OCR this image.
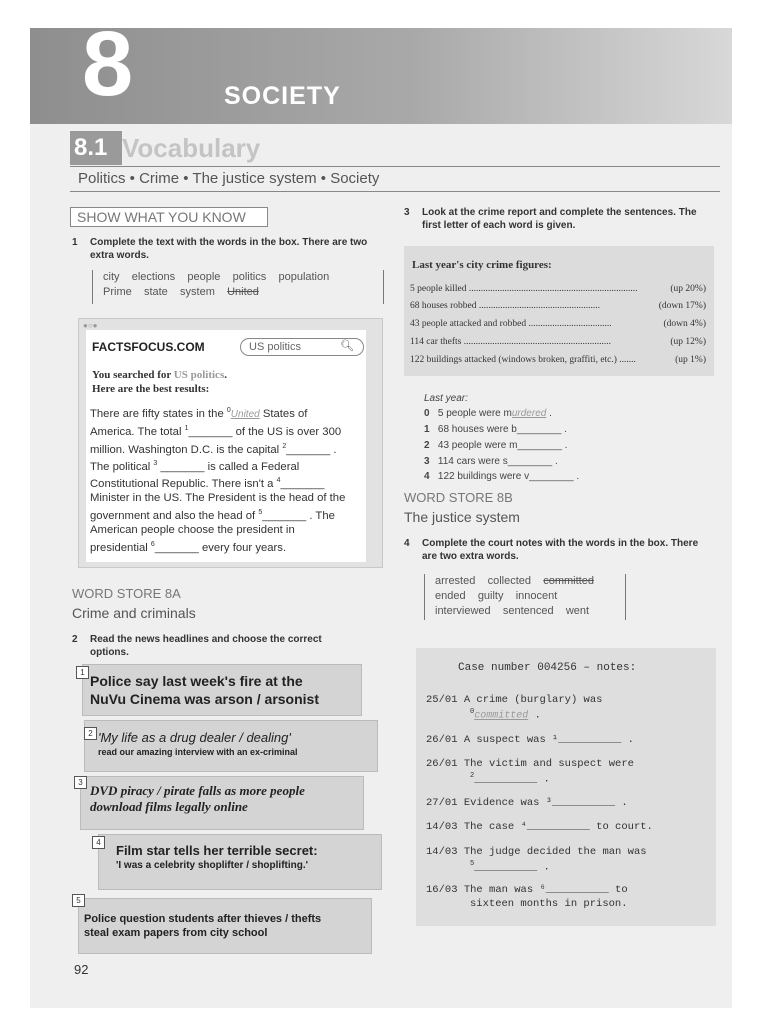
8	SOCIETY
8.1 Vocabulary
Politics • Crime • The justice system • Society
SHOW WHAT YOU KNOW
1 Complete the text with the words in the box. There are two extra words.
city    elections    people    politics    population
Prime    state    system    United
●○●
FACTSFOCUS.COM	US politics	🔍︎
You searched for US politics.
Here are the best results:
There are fifty states in the $^0$United States of America. The total $^1$_______ of the US is over 300 million. Washington D.C. is the capital $^2$_______ . The political $^3$ _______ is called a Federal Constitutional Republic. There isn't a $^4$_______ Minister in the US. The President is the head of the government and also the head of $^5$_______ . The American people choose the president in presidential $^6$_______ every four years.
WORD STORE 8A
Crime and criminals
2 Read the news headlines and choose the correct options.
1
Police say last week's fire at the
NuVu Cinema was arson / arsonist
2 'My life as a drug dealer / dealing'
read our amazing interview with an ex-criminal
3
DVD piracy / pirate falls as more people
download films legally online
4
Film star tells her terrible secret:
'I was a celebrity shoplifter / shoplifting.'
5
Police question students after thieves / thefts
steal exam papers from city school
92
3 Look at the crime report and complete the sentences. The first letter of each word is given.
Last year's city crime figures:
5 people killed .......................................................................	(up 20%)
68 houses robbed ...................................................	(down 17%)
43 people attacked and robbed ...................................	(down 4%)
114 car thefts ..............................................................	(up 12%)
122 buildings attacked (windows broken, graffiti, etc.) .......	(up 1%)
Last year:
0 5 people were murdered .
1 68 houses were b________ .
2 43 people were m________ .
3 114 cars were s________ .
4 122 buildings were v________ .
WORD STORE 8B
The justice system
4 Complete the court notes with the words in the box. There are two extra words.
arrested    collected    committed
ended    guilty    innocent
interviewed    sentenced    went
Case number 004256 – notes:
25/01 A crime (burglary) was
$^0$committed .
26/01 A suspect was ¹__________ .
26/01 The victim and suspect were
$^2$__________ .
27/01 Evidence was ³__________ .
14/03 The case ⁴__________ to court.
14/03 The judge decided the man was
$^5$__________ .
16/03 The man was ⁶__________ to
sixteen months in prison.
